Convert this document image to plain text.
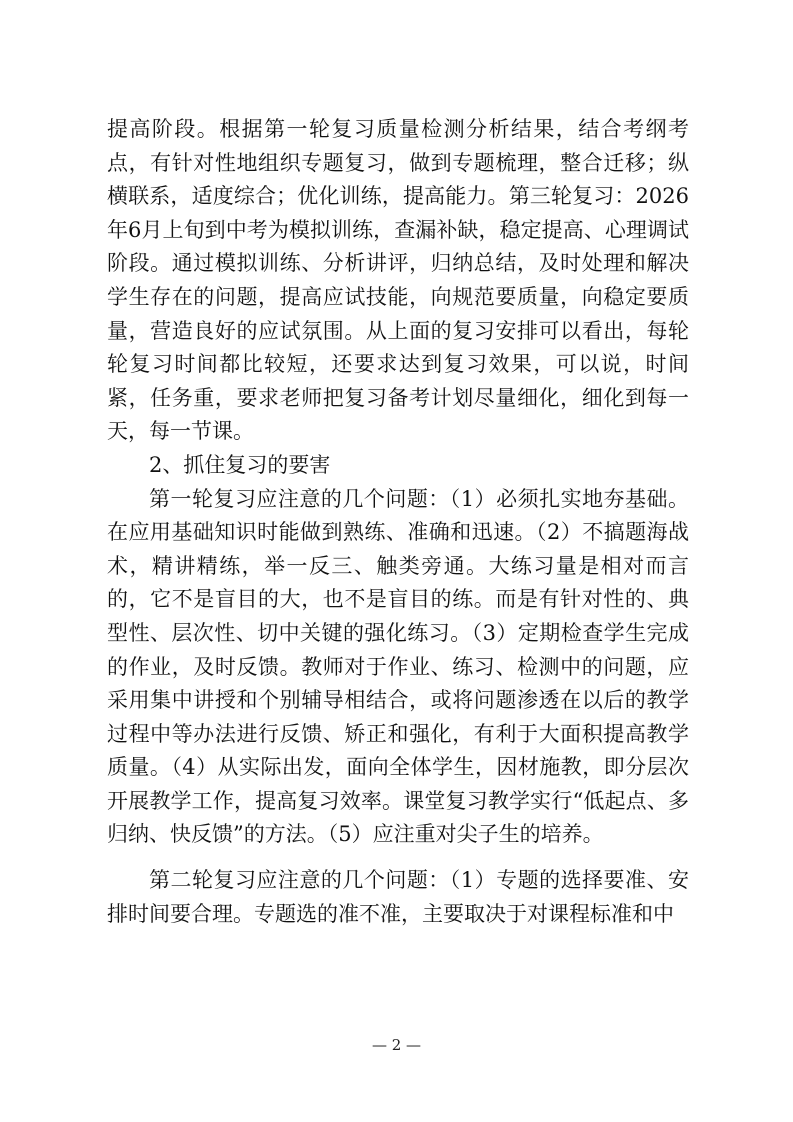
提高阶段。根据第一轮复习质量检测分析结果，结合考纲考点，有针对性地组织专题复习，做到专题梳理，整合迁移；纵横联系，适度综合；优化训练，提高能力。第三轮复习：2026年6月上旬到中考为模拟训练，查漏补缺，稳定提高、心理调试阶段。通过模拟训练、分析讲评，归纳总结，及时处理和解决学生存在的问题，提高应试技能，向规范要质量，向稳定要质量，营造良好的应试氛围。从上面的复习安排可以看出，每轮轮复习时间都比较短，还要求达到复习效果，可以说，时间紧，任务重，要求老师把复习备考计划尽量细化，细化到每一天，每一节课。

2、抓住复习的要害

第一轮复习应注意的几个问题：（1）必须扎实地夯基础。在应用基础知识时能做到熟练、准确和迅速。（2）不搞题海战术，精讲精练，举一反三、触类旁通。大练习量是相对而言的，它不是盲目的大，也不是盲目的练。而是有针对性的、典型性、层次性、切中关键的强化练习。（3）定期检查学生完成的作业，及时反馈。教师对于作业、练习、检测中的问题，应采用集中讲授和个别辅导相结合，或将问题渗透在以后的教学过程中等办法进行反馈、矫正和强化，有利于大面积提高教学质量。（4）从实际出发，面向全体学生，因材施教，即分层次开展教学工作，提高复习效率。课堂复习教学实行“低起点、多归纳、快反馈”的方法。（5）应注重对尖子生的培养。

第二轮复习应注意的几个问题：（1）专题的选择要准、安排时间要合理。专题选的准不准，主要取决于对课程标准和中

— 2 —
